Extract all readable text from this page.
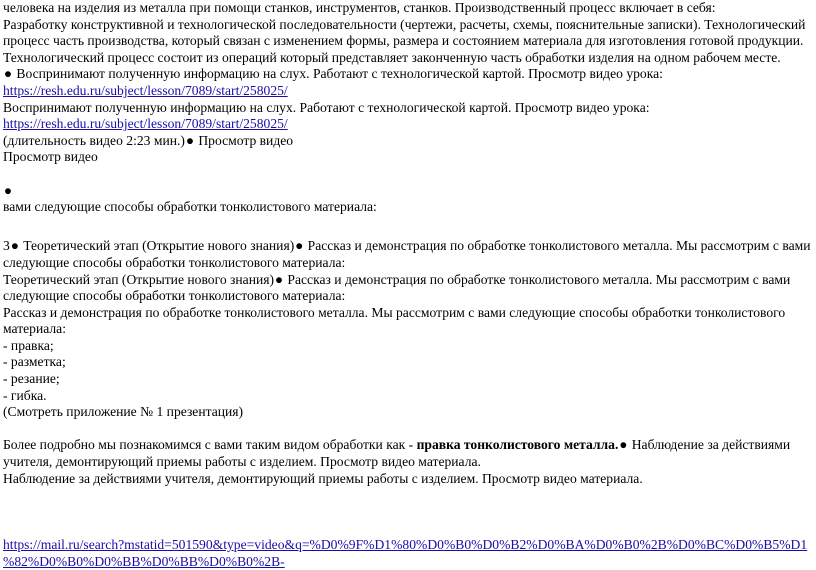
человека на изделия из металла при помощи станков, инструментов, станков. Производственный процесс включает в себя:
Разработку конструктивной и технологической последовательности (чертежи, расчеты, схемы, пояснительные записки). Технологический
процесс часть производства, который связан с изменением формы, размера и состоянием материала для изготовления готовой продукции.
Технологический процесс состоит из операций который представляет законченную часть обработки изделия на одном рабочем месте.
● Воспринимают полученную информацию на слух. Работают с технологической картой. Просмотр видео урока:
https://resh.edu.ru/subject/lesson/7089/start/258025/
Воспринимают полученную информацию на слух. Работают с технологической картой. Просмотр видео урока:
https://resh.edu.ru/subject/lesson/7089/start/258025/
(длительность видео 2:23 мин.)● Просмотр видео
Просмотр видео
●
вами следующие способы обработки тонколистового материала:
3● Теоретический этап (Открытие нового знания)● Рассказ и демонстрация по обработке тонколистового металла. Мы рассмотрим с вами
следующие способы обработки тонколистового материала:
Теоретический этап (Открытие нового знания)● Рассказ и демонстрация по обработке тонколистового металла. Мы рассмотрим с вами
следующие способы обработки тонколистового материала:
Рассказ и демонстрация по обработке тонколистового металла. Мы рассмотрим с вами следующие способы обработки тонколистового
материала:
- правка;
- разметка;
- резание;
- гибка.
(Смотреть приложение № 1 презентация)
Более подробно мы познакомимся с вами таким видом обработки как - правка тонколистового металла.● Наблюдение за действиями
учителя, демонтирующий приемы работы с изделием. Просмотр видео материала.
Наблюдение за действиями учителя, демонтирующий приемы работы с изделием. Просмотр видео материала.
https://mail.ru/search?mstatid=501590&type=video&q=%D0%9F%D1%80%D0%B0%D0%B2%D0%BA%D0%B0%2B%D0%BC%D0%B5%D1
%82%D0%B0%D0%BB%D0%BB%D0%B0%2B-
